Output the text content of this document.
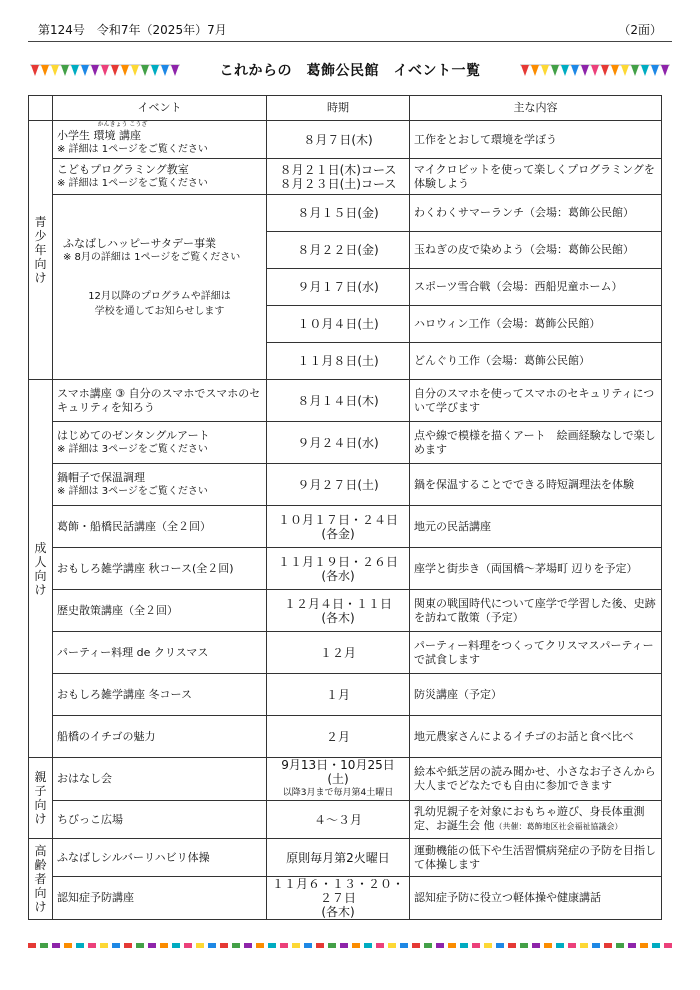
第124号　令和7年（2025年）7月	（2面）
これからの　葛飾公民館　イベント一覧
	イベント	時期	主な内容

青
少
年
向
け	小学生
かんきょう こうざ
環境 講座
※ 詳細は 1ページをご覧ください	８月７日(木)	工作をとおして環境を学ぼう

	こどもプログラミング教室
※ 詳細は 1ページをご覧ください	８月２１日(木)コース
８月２３日(土)コース	マイクロビットを使って楽しくプログラミングを体験しよう

	ふなばしハッピーサタデー事業
※ 8月の詳細は 1ページをご覧ください
12月以降のプログラムや詳細は
学校を通してお知らせします	８月１５日(金)	わくわくサマーランチ（会場：葛飾公民館）
		８月２２日(金)	玉ねぎの皮で染めよう（会場：葛飾公民館）
		９月１７日(水)	スポーツ雪合戦（会場：西船児童ホーム）
		１０月４日(土)	ハロウィン工作（会場：葛飾公民館）
		１１月８日(土)	どんぐり工作（会場：葛飾公民館）

成
人
向
け	スマホ講座 ③ 自分のスマホでスマホのセキュリティを知ろう	８月１４日(木)	自分のスマホを使ってスマホのセキュリティについて学びます

	はじめてのゼンタングルアート
※ 詳細は 3ページをご覧ください	９月２４日(水)	点や線で模様を描くアート　絵画経験なしで楽しめます

	鍋帽子で保温調理
※ 詳細は 3ページをご覧ください	９月２７日(土)	鍋を保温することでできる時短調理法を体験
	葛飾・船橋民話講座（全２回）	１０月１７日・２４日
(各金)	地元の民話講座
	おもしろ雑学講座 秋コース(全２回)	１１月１９日・２６日
(各水)	座学と街歩き（両国橋～茅場町 辺りを予定）
	歴史散策講座（全２回）	１２月４日・１１日
(各木)	関東の戦国時代について座学で学習した後、史跡を訪ねて散策（予定）
	パーティー料理 de クリスマス	１２月	パーティー料理をつくってクリスマスパーティーで試食します
	おもしろ雑学講座 冬コース	１月	防災講座（予定）
	船橋のイチゴの魅力	２月	地元農家さんによるイチゴのお話と食べ比べ

親
子
向
け	おはなし会	9月13日・10月25日(土)
以降3月まで毎月第4土曜日	絵本や紙芝居の読み聞かせ、小さなお子さんから大人までどなたでも自由に参加できます
	ちびっこ広場	４～３月	乳幼児親子を対象におもちゃ遊び、身長体重測定、お誕生会 他（共催：葛飾地区社会福祉協議会）

高
齢
者
向
け	ふなばしシルバーリハビリ体操	原則毎月第2火曜日	運動機能の低下や生活習慣病発症の予防を目指して体操します
	認知症予防講座	１１月６・１３・２０・２７日
(各木)	認知症予防に役立つ軽体操や健康講話
